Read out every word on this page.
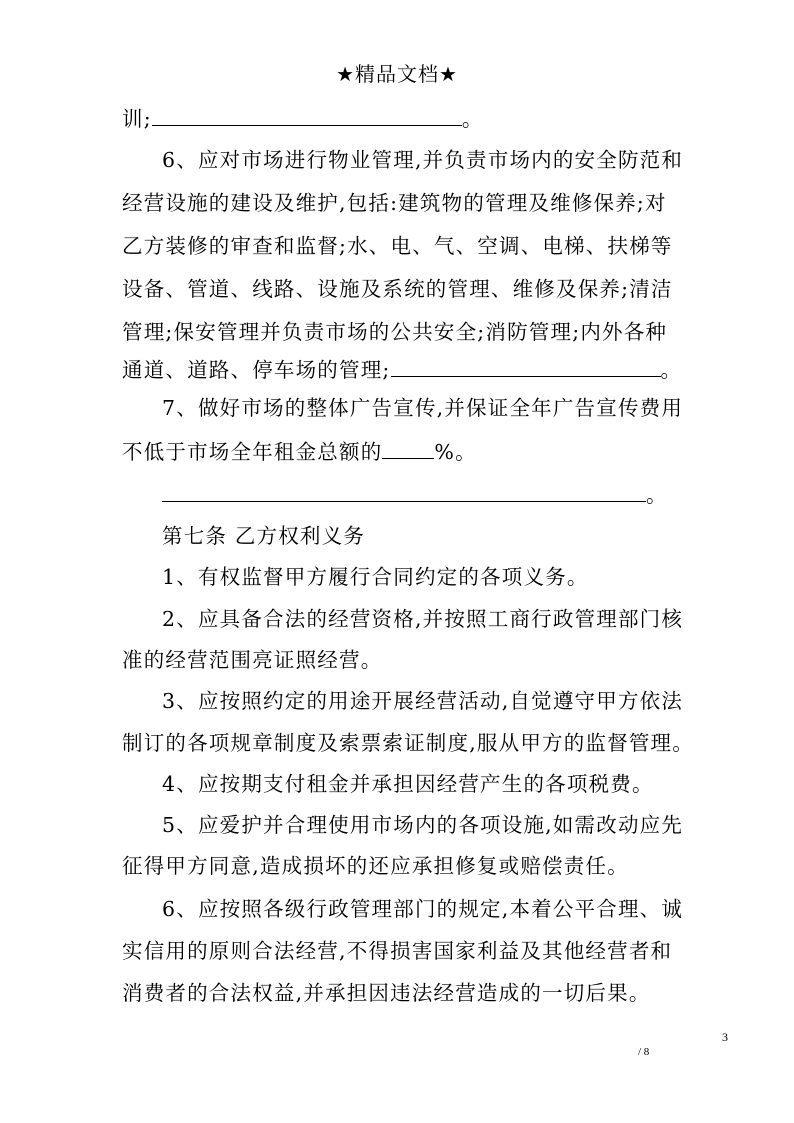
★精品文档★
训;	。
6、应对市场进行物业管理,并负责市场内的安全防范和
经营设施的建设及维护,包括:建筑物的管理及维修保养;对
乙方装修的审查和监督;水、电、气、空调、电梯、扶梯等
设备、管道、线路、设施及系统的管理、维修及保养;清洁
管理;保安管理并负责市场的公共安全;消防管理;内外各种
通道、道路、停车场的管理;	。
7、做好市场的整体广告宣传,并保证全年广告宣传费用
不低于市场全年租金总额的	%。
。
第七条 乙方权利义务
1、有权监督甲方履行合同约定的各项义务。
2、应具备合法的经营资格,并按照工商行政管理部门核
准的经营范围亮证照经营。
3、应按照约定的用途开展经营活动,自觉遵守甲方依法
制订的各项规章制度及索票索证制度,服从甲方的监督管理。
4、应按期支付租金并承担因经营产生的各项税费。
5、应爱护并合理使用市场内的各项设施,如需改动应先
征得甲方同意,造成损坏的还应承担修复或赔偿责任。
6、应按照各级行政管理部门的规定,本着公平合理、诚
实信用的原则合法经营,不得损害国家利益及其他经营者和
消费者的合法权益,并承担因违法经营造成的一切后果。
3
/ 8
